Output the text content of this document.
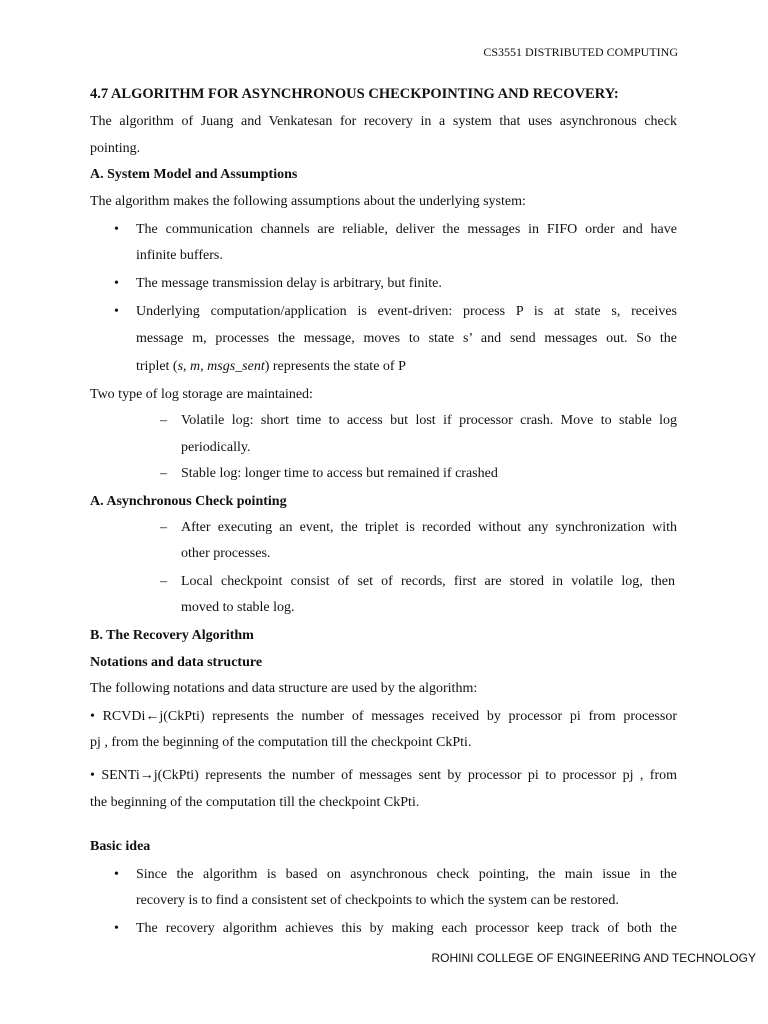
CS3551 DISTRIBUTED COMPUTING
ROHINI COLLEGE OF ENGINEERING AND TECHNOLOGY
4.7 ALGORITHM FOR ASYNCHRONOUS CHECKPOINTING AND RECOVERY:
The algorithm of Juang and Venkatesan for recovery in a system that uses asynchronous check
pointing.
A. System Model and Assumptions
The algorithm makes the following assumptions about the underlying system:
• The communication channels are reliable, deliver the messages in FIFO order and have
infinite buffers.
• The message transmission delay is arbitrary, but finite.
• Underlying computation/application is event-driven: process P is at state s, receives
message m, processes the message, moves to state s’ and send messages out. So the
triplet (s, m, msgs_sent) represents the state of P
Two type of log storage are maintained:
– Volatile log: short time to access but lost if processor crash. Move to stable log
periodically.
– Stable log: longer time to access but remained if crashed
A. Asynchronous Check pointing
– After executing an event, the triplet is recorded without any synchronization with
other processes.
– Local checkpoint consist of set of records, first are stored in volatile log, then
moved to stable log.
B. The Recovery Algorithm
Notations and data structure
The following notations and data structure are used by the algorithm:
• RCVDi←j(CkPti) represents the number of messages received by processor pi from processor
pj , from the beginning of the computation till the checkpoint CkPti.
• SENTi→j(CkPti) represents the number of messages sent by processor pi to processor pj , from
the beginning of the computation till the checkpoint CkPti.
Basic idea
• Since the algorithm is based on asynchronous check pointing, the main issue in the
recovery is to find a consistent set of checkpoints to which the system can be restored.
• The recovery algorithm achieves this by making each processor keep track of both the
